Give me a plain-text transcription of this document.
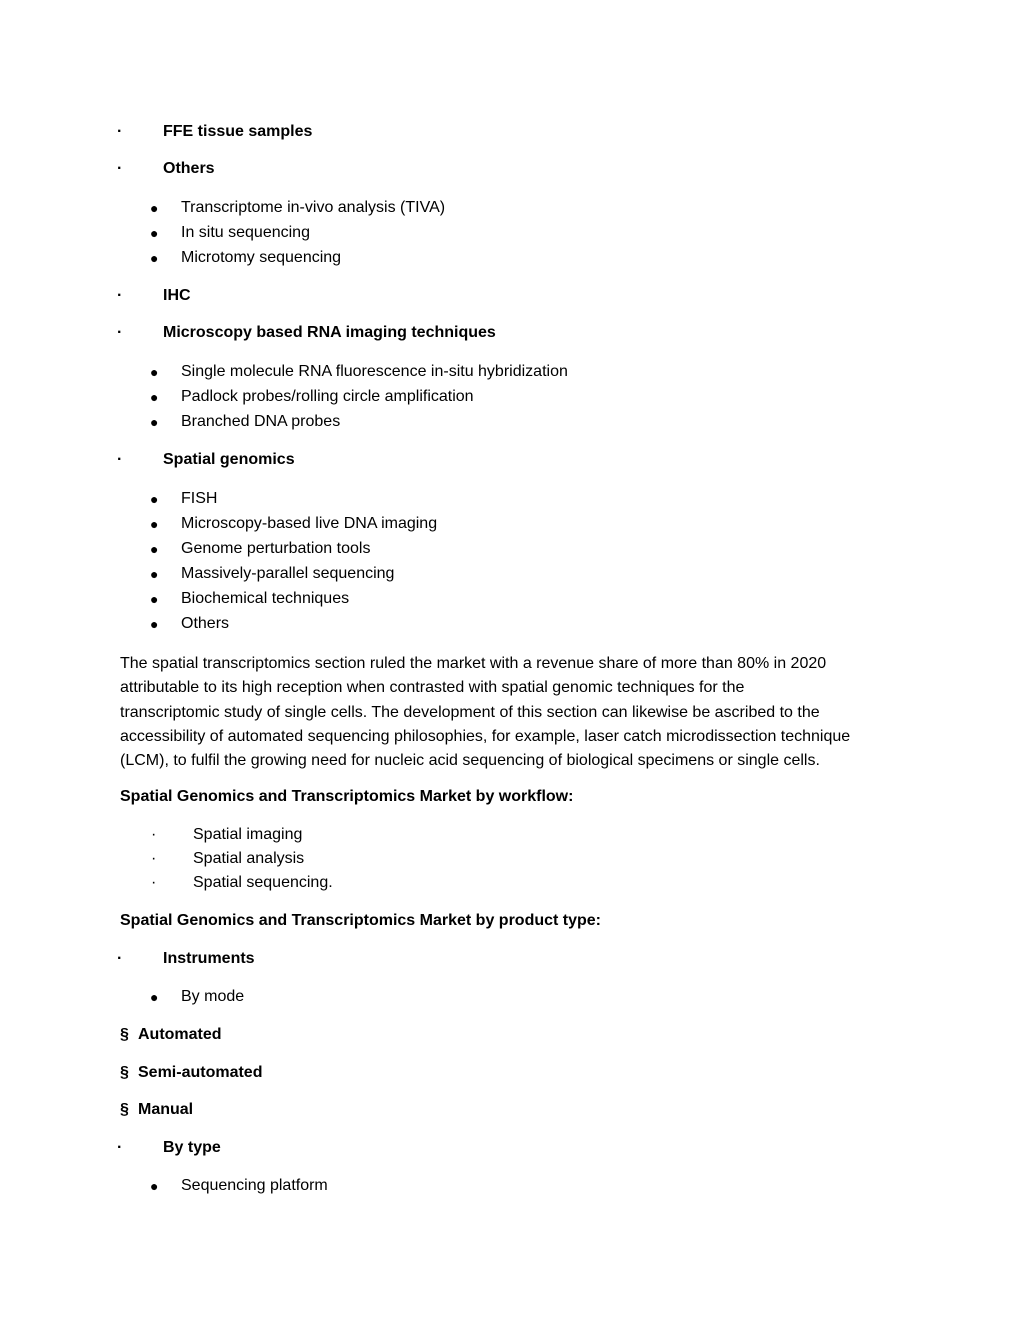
·	FFE tissue samples
·	Others
● Transcriptome in-vivo analysis (TIVA)
● In situ sequencing
● Microtomy sequencing
·	IHC
·	Microscopy based RNA imaging techniques
● Single molecule RNA fluorescence in-situ hybridization
● Padlock probes/rolling circle amplification
● Branched DNA probes
·	Spatial genomics
● FISH
● Microscopy-based live DNA imaging
● Genome perturbation tools
● Massively-parallel sequencing
● Biochemical techniques
● Others
The spatial transcriptomics section ruled the market with a revenue share of more than 80% in 2020
attributable to its high reception when contrasted with spatial genomic techniques for the
transcriptomic study of single cells. The development of this section can likewise be ascribed to the
accessibility of automated sequencing philosophies, for example, laser catch microdissection technique
(LCM), to fulfil the growing need for nucleic acid sequencing of biological specimens or single cells.
Spatial Genomics and Transcriptomics Market by workflow:
· Spatial imaging
· Spatial analysis
· Spatial sequencing.
Spatial Genomics and Transcriptomics Market by product type:
·	Instruments
● By mode
§ Automated
§ Semi-automated
§ Manual
·	By type
● Sequencing platform
